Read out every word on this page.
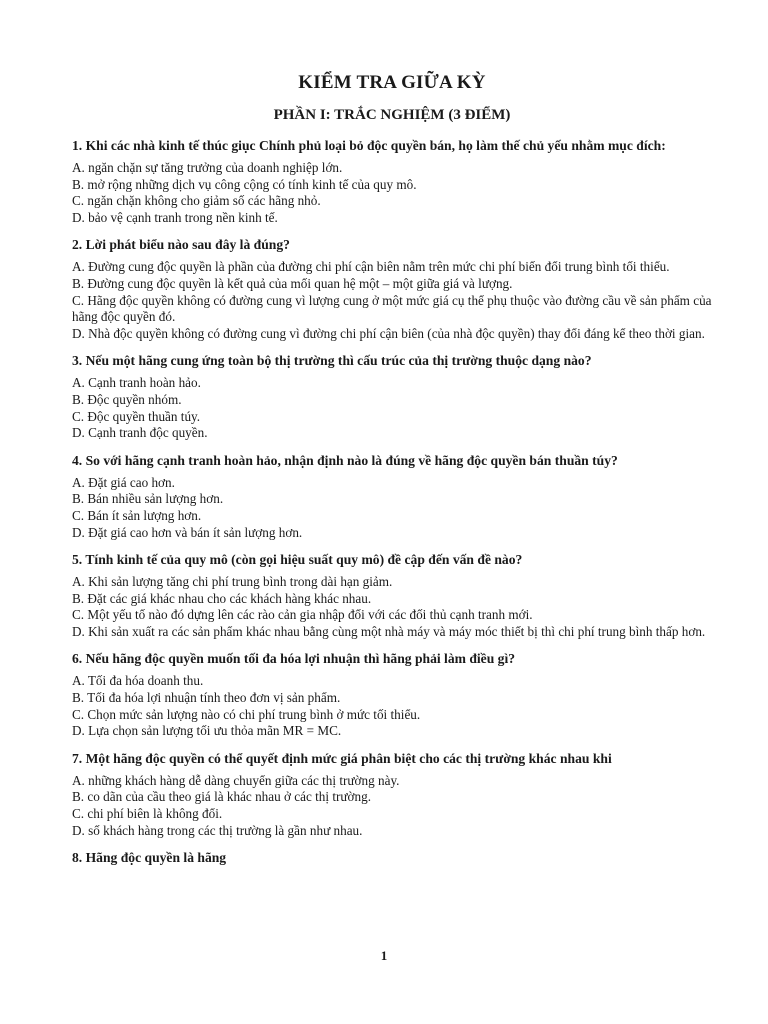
KIỂM TRA GIỮA KỲ
PHẦN I: TRẮC NGHIỆM (3 ĐIỂM)
1. Khi các nhà kinh tế thúc giục Chính phủ loại bỏ độc quyền bán, họ làm thế chủ yếu nhằm mục đích:
A. ngăn chặn sự tăng trưởng của doanh nghiệp lớn.
B. mở rộng những dịch vụ công cộng có tính kinh tế của quy mô.
C. ngăn chặn không cho giảm số các hãng nhỏ.
D. bảo vệ cạnh tranh trong nền kinh tế.
2. Lời phát biểu nào sau đây là đúng?
A. Đường cung độc quyền là phần của đường chi phí cận biên nằm trên mức chi phí biến đổi trung bình tối thiểu.
B. Đường cung độc quyền là kết quả của mối quan hệ một – một giữa giá và lượng.
C. Hãng độc quyền không có đường cung vì lượng cung ở một mức giá cụ thể phụ thuộc vào đường cầu về sản phẩm của hãng độc quyền đó.
D. Nhà độc quyền không có đường cung vì đường chi phí cận biên (của nhà độc quyền) thay đổi đáng kể theo thời gian.
3. Nếu một hãng cung ứng toàn bộ thị trường thì cấu trúc của thị trường thuộc dạng nào?
A. Cạnh tranh hoàn hảo.
B. Độc quyền nhóm.
C. Độc quyền thuần túy.
D. Cạnh tranh độc quyền.
4. So với hãng cạnh tranh hoàn hảo, nhận định nào là đúng về hãng độc quyền bán thuần túy?
A. Đặt giá cao hơn.
B. Bán nhiều sản lượng hơn.
C. Bán ít sản lượng hơn.
D. Đặt giá cao hơn và bán ít sản lượng hơn.
5. Tính kinh tế của quy mô (còn gọi hiệu suất quy mô) đề cập đến vấn đề nào?
A. Khi sản lượng tăng chi phí trung bình trong dài hạn giảm.
B. Đặt các giá khác nhau cho các khách hàng khác nhau.
C. Một yếu tố nào đó dựng lên các rào cản gia nhập đối với các đối thủ cạnh tranh mới.
D. Khi sản xuất ra các sản phẩm khác nhau bằng cùng một nhà máy và máy móc thiết bị thì chi phí trung bình thấp hơn.
6. Nếu hãng độc quyền muốn tối đa hóa lợi nhuận thì hãng phải làm điều gì?
A. Tối đa hóa doanh thu.
B. Tối đa hóa lợi nhuận tính theo đơn vị sản phẩm.
C. Chọn mức sản lượng nào có chi phí trung bình ở mức tối thiểu.
D. Lựa chọn sản lượng tối ưu thỏa mãn MR = MC.
7. Một hãng độc quyền có thể quyết định mức giá phân biệt cho các thị trường khác nhau khi
A. những khách hàng dễ dàng chuyển giữa các thị trường này.
B. co dãn của cầu theo giá là khác nhau ở các thị trường.
C. chi phí biên là không đổi.
D. số khách hàng trong các thị trường là gần như nhau.
8. Hãng độc quyền là hãng
1
